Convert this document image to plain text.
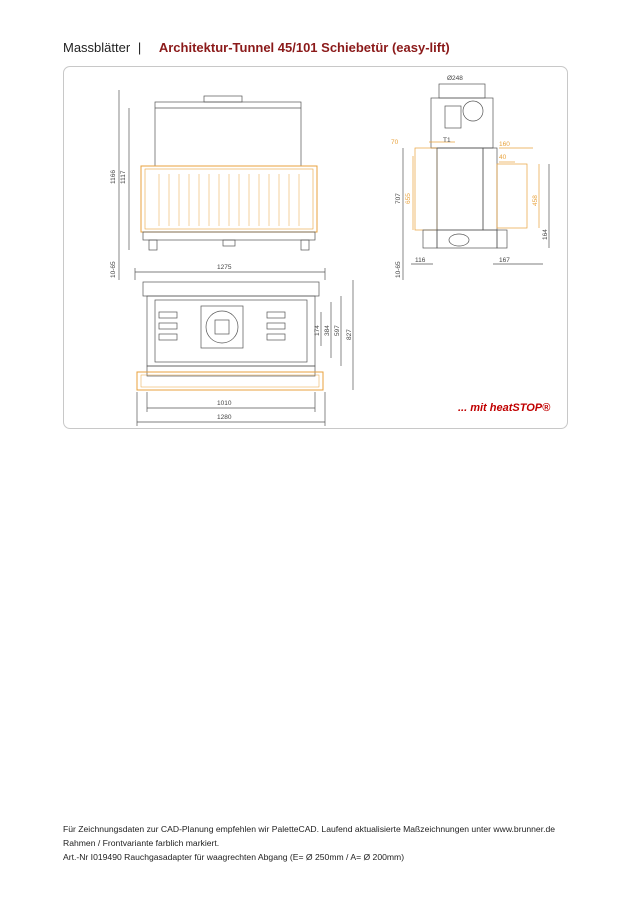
Massblätter | Architektur-Tunnel 45/101 Schiebetür (easy-lift)
1166 1117
10-65
Ø248
T1
70
707 655
10-65
116
160
40
458
164
167
1275
174 384 597 827
1010
1280
... mit heatSTOP®
Für Zeichnungsdaten zur CAD-Planung empfehlen wir PaletteCAD. Laufend aktualisierte Maßzeichnungen unter www.brunner.de
Rahmen / Frontvariante farblich markiert.
Art.-Nr I019490 Rauchgasadapter für waagrechten Abgang (E= Ø 250mm / A= Ø 200mm)
